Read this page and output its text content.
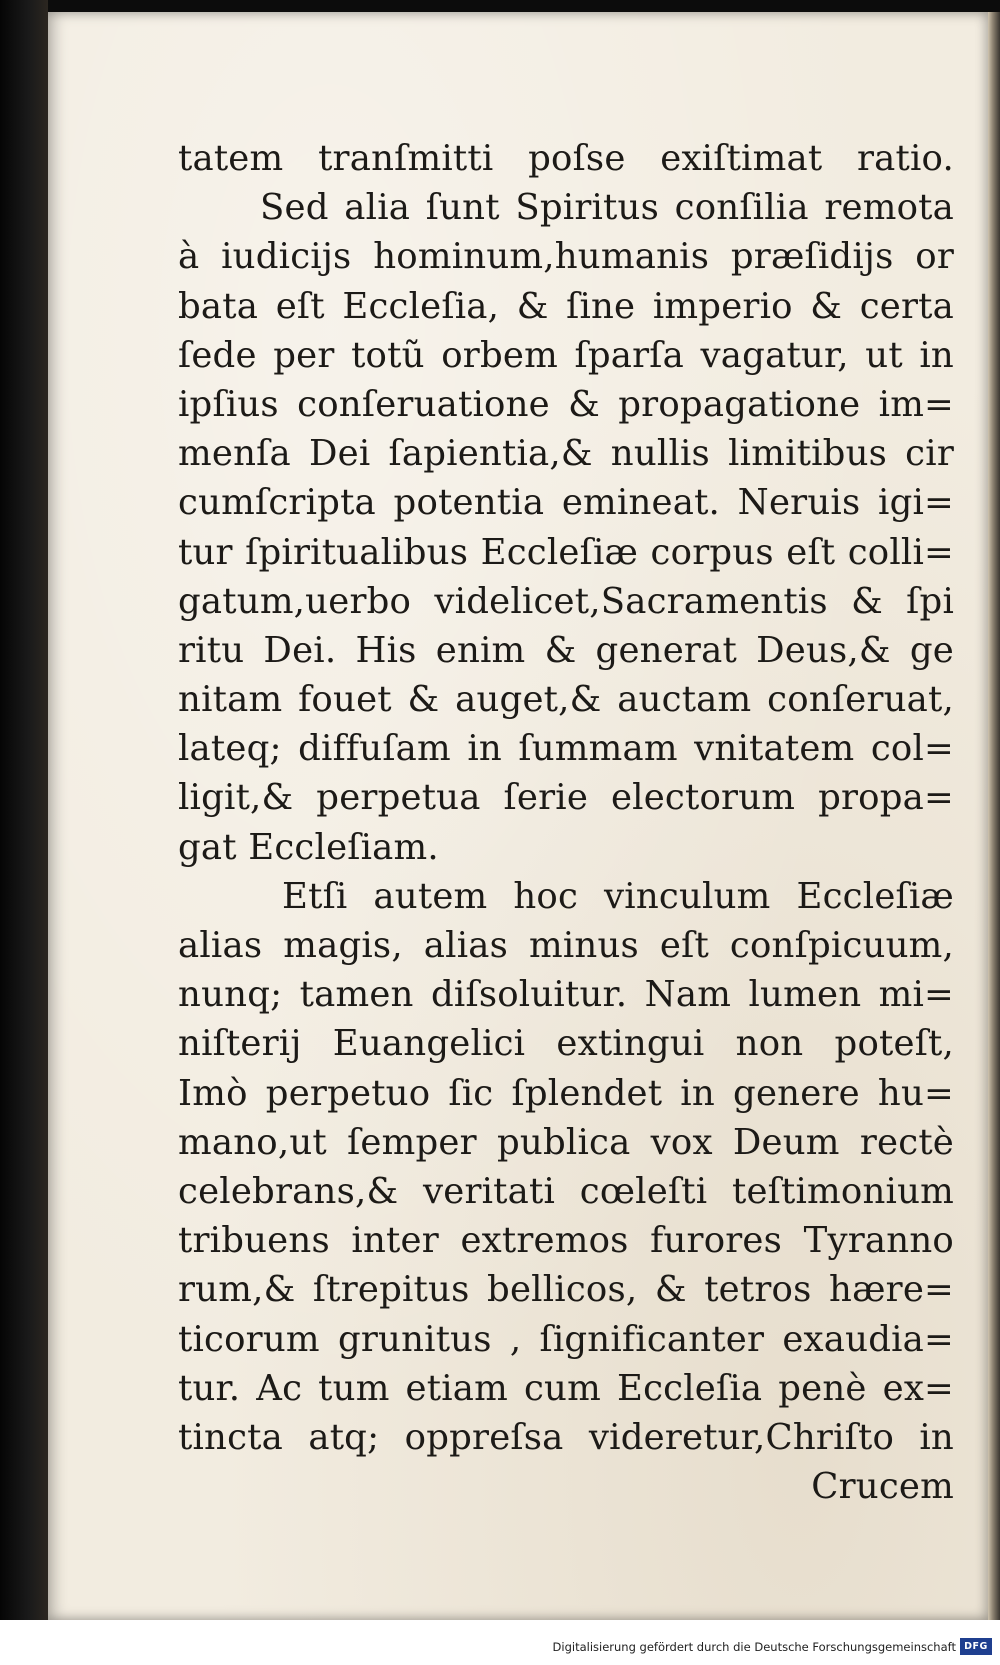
tatem tranſmitti poſse exiſtimat ratio.
Sed alia ſunt Spiritus conſilia remota
à iudicijs hominum,humanis præſidijs or
bata eſt Eccleſia, & ſine imperio & certa
ſede per totũ orbem ſparſa vagatur, ut in
ipſius conſeruatione & propagatione im=
menſa Dei ſapientia,& nullis limitibus cir
cumſcripta potentia emineat. Neruis igi=
tur ſpiritualibus Eccleſiæ corpus eſt colli=
gatum,uerbo videlicet,Sacramentis & ſpi
ritu Dei. His enim & generat Deus,& ge
nitam fouet & auget,& auctam conſeruat,
lateq; diffuſam in ſummam vnitatem col=
ligit,& perpetua ſerie electorum propa=
gat Eccleſiam.
Etſi autem hoc vinculum Eccleſiæ
alias magis, alias minus eſt conſpicuum,
nunq; tamen diſsoluitur. Nam lumen mi=
niſterij Euangelici extingui non poteſt,
Imò perpetuo ſic ſplendet in genere hu=
mano,ut ſemper publica vox Deum rectè
celebrans,& veritati cœleſti teſtimonium
tribuens inter extremos furores Tyranno
rum,& ſtrepitus bellicos, & tetros hære=
ticorum grunitus , ſignificanter exaudia=
tur. Ac tum etiam cum Eccleſia penè ex=
tincta atq; oppreſsa videretur,Chriſto in
Crucem
Digitalisierung gefördert durch die Deutsche Forschungsgemeinschaft DFG
